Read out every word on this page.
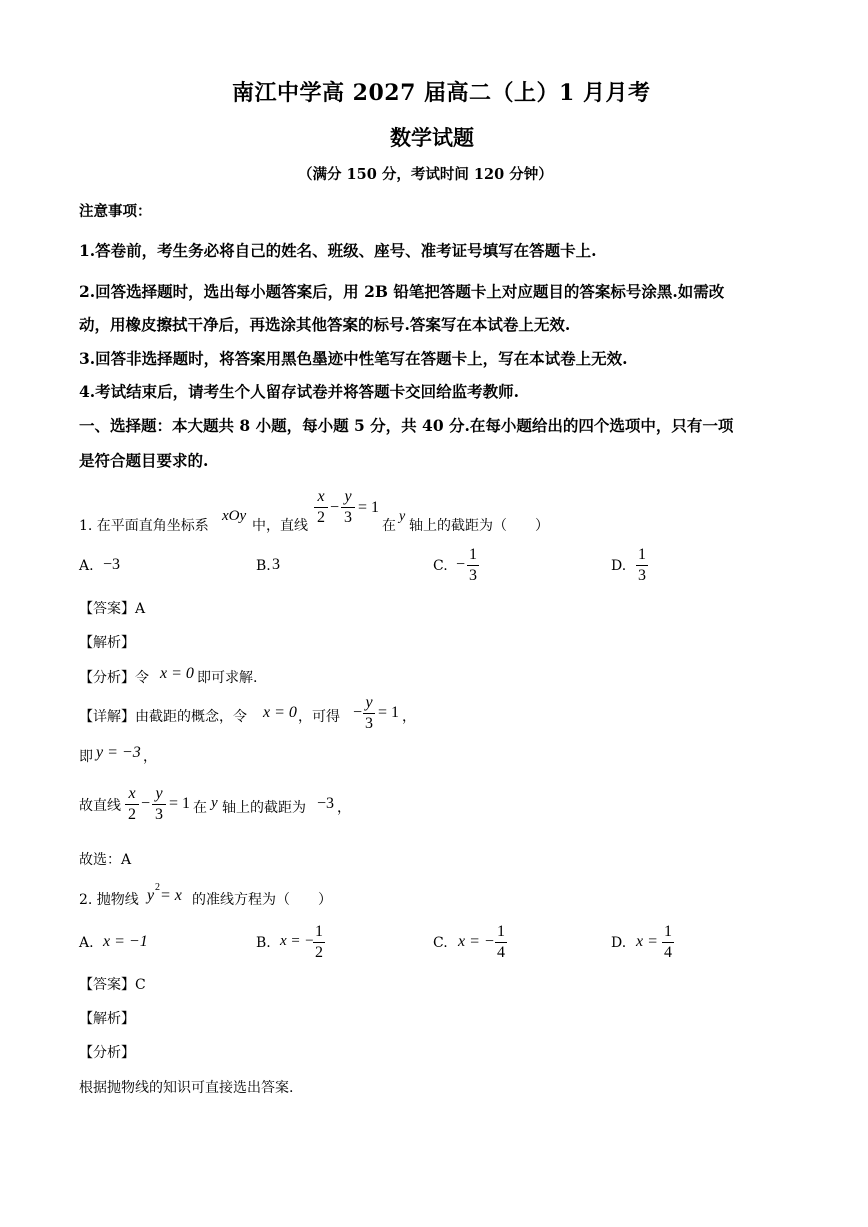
南江中学高 2027 届高二（上）1 月月考
数学试题
（满分 150 分，考试时间 120 分钟）
注意事项：
1.答卷前，考生务必将自己的姓名、班级、座号、准考证号填写在答题卡上.
2.回答选择题时，选出每小题答案后，用 2B 铅笔把答题卡上对应题目的答案标号涂黑.如需改
动，用橡皮擦拭干净后，再选涂其他答案的标号.答案写在本试卷上无效.
3.回答非选择题时，将答案用黑色墨迹中性笔写在答题卡上，写在本试卷上无效.
4.考试结束后，请考生个人留存试卷并将答题卡交回给监考教师.
一、选择题：本大题共 8 小题，每小题 5 分，共 40 分.在每小题给出的四个选项中，只有一项
是符合题目要求的.
1. 在平面直角坐标系
xOy
中，直线
x
2
−
y
3
= 1
在
y
轴上的截距为（　　）
A. −3	B. 3	C. −
1
3
D.
1
3
【答案】A
【解析】
【分析】令 x = 0 即可求解.
【详解】由截距的概念，令 x = 0 ，可得 −
y
3
= 1 ，
即 y = −3 ，
故直线
x
2
−
y
3
= 1 在 y 轴上的截距为 −3 ，
故选：A
2. 抛物线 y 2 = x 的准线方程为（　　）
A. x = −1	B. x = −
1
2
C. x = −
1
4
D. x =
1
4
【答案】C
【解析】
【分析】
根据抛物线的知识可直接选出答案.
